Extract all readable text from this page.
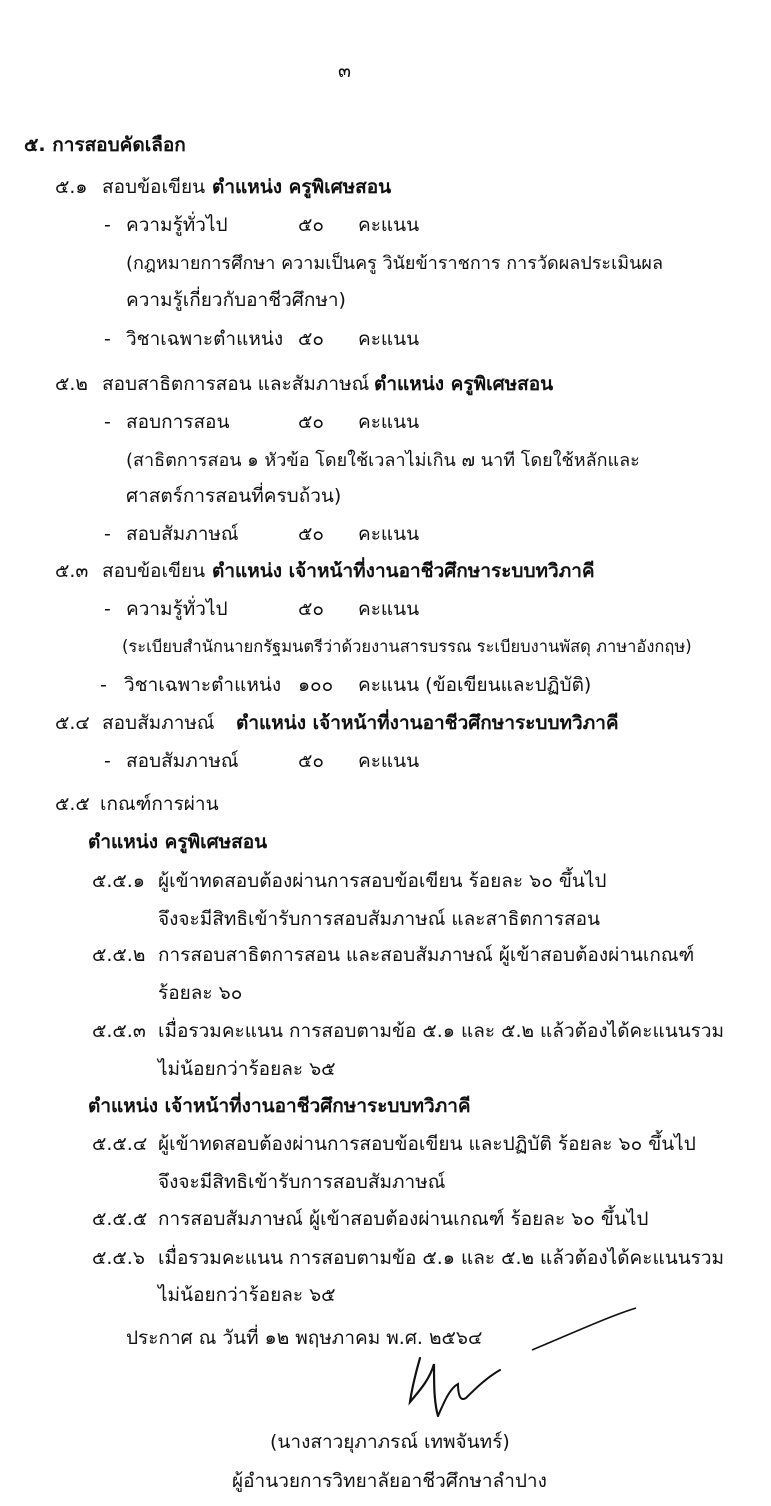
๓
๕. การสอบคัดเลือก
๕.๑ สอบข้อเขียน ตำแหน่ง ครูพิเศษสอน
- ความรู้ทั่วไป	๕๐ คะแนน
(กฎหมายการศึกษา ความเป็นครู วินัยข้าราชการ การวัดผลประเมินผล
ความรู้เกี่ยวกับอาชีวศึกษา)
- วิชาเฉพาะตำแหน่ง ๕๐ คะแนน
๕.๒ สอบสาธิตการสอน และสัมภาษณ์ ตำแหน่ง ครูพิเศษสอน
- สอบการสอน	๕๐ คะแนน
(สาธิตการสอน ๑ หัวข้อ โดยใช้เวลาไม่เกิน ๗ นาที โดยใช้หลักและ
ศาสตร์การสอนที่ครบถ้วน)
- สอบสัมภาษณ์	๕๐ คะแนน
๕.๓ สอบข้อเขียน ตำแหน่ง เจ้าหน้าที่งานอาชีวศึกษาระบบทวิภาคี
- ความรู้ทั่วไป	๕๐ คะแนน
(ระเบียบสำนักนายกรัฐมนตรีว่าด้วยงานสารบรรณ ระเบียบงานพัสดุ ภาษาอังกฤษ)
- วิชาเฉพาะตำแหน่ง ๑๐๐ คะแนน (ข้อเขียนและปฏิบัติ)
๕.๔ สอบสัมภาษณ์ ตำแหน่ง เจ้าหน้าที่งานอาชีวศึกษาระบบทวิภาคี
- สอบสัมภาษณ์	๕๐ คะแนน
๕.๕ เกณฑ์การผ่าน
ตำแหน่ง ครูพิเศษสอน
๕.๕.๑ ผู้เข้าทดสอบต้องผ่านการสอบข้อเขียน ร้อยละ ๖๐ ขึ้นไป
จึงจะมีสิทธิเข้ารับการสอบสัมภาษณ์ และสาธิตการสอน
๕.๕.๒ การสอบสาธิตการสอน และสอบสัมภาษณ์ ผู้เข้าสอบต้องผ่านเกณฑ์
ร้อยละ ๖๐
๕.๕.๓ เมื่อรวมคะแนน การสอบตามข้อ ๕.๑ และ ๕.๒ แล้วต้องได้คะแนนรวม
ไม่น้อยกว่าร้อยละ ๖๕
ตำแหน่ง เจ้าหน้าที่งานอาชีวศึกษาระบบทวิภาคี
๕.๕.๔ ผู้เข้าทดสอบต้องผ่านการสอบข้อเขียน และปฏิบัติ ร้อยละ ๖๐ ขึ้นไป
จึงจะมีสิทธิเข้ารับการสอบสัมภาษณ์
๕.๕.๕ การสอบสัมภาษณ์ ผู้เข้าสอบต้องผ่านเกณฑ์ ร้อยละ ๖๐ ขึ้นไป
๕.๕.๖ เมื่อรวมคะแนน การสอบตามข้อ ๕.๑ และ ๕.๒ แล้วต้องได้คะแนนรวม
ไม่น้อยกว่าร้อยละ ๖๕
ประกาศ ณ วันที่ ๑๒ พฤษภาคม พ.ศ. ๒๕๖๔
(นางสาวยุภาภรณ์ เทพจันทร์)
ผู้อำนวยการวิทยาลัยอาชีวศึกษาลำปาง
